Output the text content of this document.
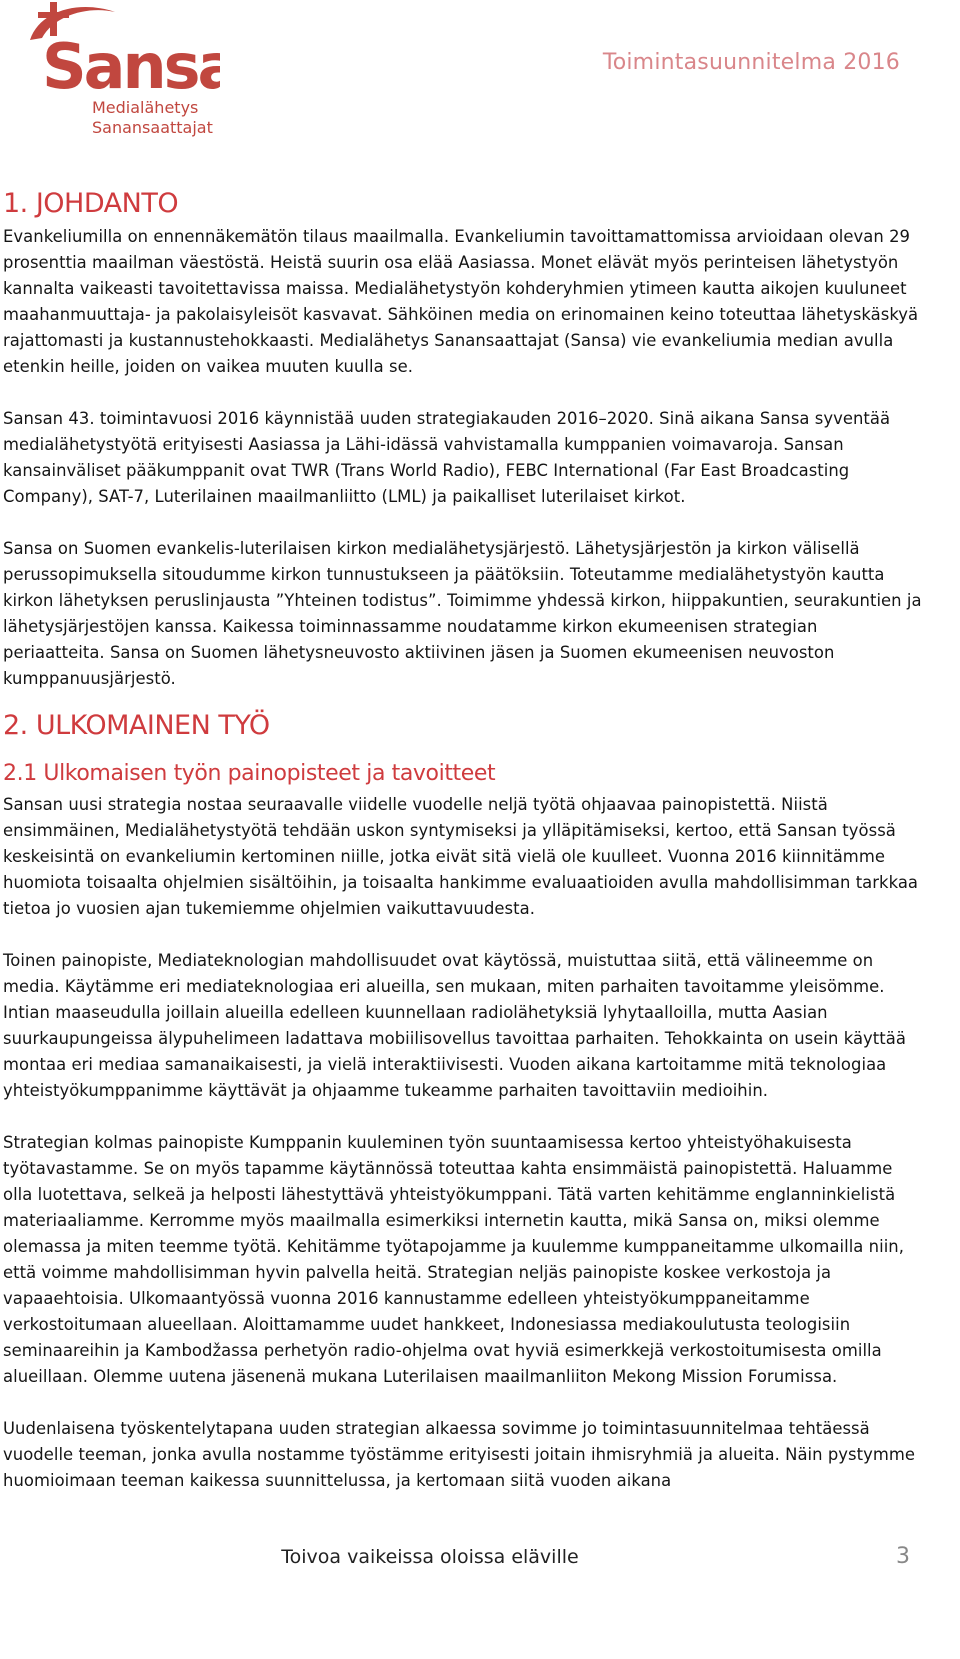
Sansa
Medialähetys
Sanansaattajat
Toimintasuunnitelma 2016
1. JOHDANTO

Evankeliumilla on ennennäkemätön tilaus maailmalla. Evankeliumin tavoittamattomissa arvioidaan olevan 29 prosenttia maailman väestöstä. Heistä suurin osa elää Aasiassa. Monet elävät myös perinteisen lähetystyön kannalta vaikeasti tavoitettavissa maissa. Medialähetystyön kohderyhmien ytimeen kautta aikojen kuuluneet maahanmuuttaja- ja pakolaisyleisöt kasvavat. Sähköinen media on erinomainen keino toteuttaa lähetyskäskyä rajattomasti ja kustannustehokkaasti. Medialähetys Sanansaattajat (Sansa) vie evankeliumia median avulla etenkin heille, joiden on vaikea muuten kuulla se.

Sansan 43. toimintavuosi 2016 käynnistää uuden strategiakauden 2016–2020. Sinä aikana Sansa syventää medialähetystyötä erityisesti Aasiassa ja Lähi-idässä vahvistamalla kumppanien voimavaroja. Sansan kansainväliset pääkumppanit ovat TWR (Trans World Radio), FEBC International (Far East Broadcasting Company), SAT-7, Luterilainen maailmanliitto (LML) ja paikalliset luterilaiset kirkot.

Sansa on Suomen evankelis-luterilaisen kirkon medialähetysjärjestö. Lähetysjärjestön ja kirkon välisellä perussopimuksella sitoudumme kirkon tunnustukseen ja päätöksiin. Toteutamme medialähetystyön kautta kirkon lähetyksen peruslinjausta ”Yhteinen todistus”. Toimimme yhdessä kirkon, hiippakuntien, seurakuntien ja lähetysjärjestöjen kanssa. Kaikessa toiminnassamme noudatamme kirkon ekumeenisen strategian periaatteita. Sansa on Suomen lähetysneuvosto aktiivinen jäsen ja Suomen ekumeenisen neuvoston kumppanuusjärjestö.

2. ULKOMAINEN TYÖ
2.1 Ulkomaisen työn painopisteet ja tavoitteet

Sansan uusi strategia nostaa seuraavalle viidelle vuodelle neljä työtä ohjaavaa painopistettä. Niistä ensimmäinen, Medialähetystyötä tehdään uskon syntymiseksi ja ylläpitämiseksi, kertoo, että Sansan työssä keskeisintä on evankeliumin kertominen niille, jotka eivät sitä vielä ole kuulleet. Vuonna 2016 kiinnitämme huomiota toisaalta ohjelmien sisältöihin, ja toisaalta hankimme evaluaatioiden avulla mahdollisimman tarkkaa tietoa jo vuosien ajan tukemiemme ohjelmien vaikuttavuudesta.

Toinen painopiste, Mediateknologian mahdollisuudet ovat käytössä, muistuttaa siitä, että välineemme on media. Käytämme eri mediateknologiaa eri alueilla, sen mukaan, miten parhaiten tavoitamme yleisömme. Intian maaseudulla joillain alueilla edelleen kuunnellaan radiolähetyksiä lyhytaalloilla, mutta Aasian suurkaupungeissa älypuhelimeen ladattava mobiilisovellus tavoittaa parhaiten. Tehokkainta on usein käyttää montaa eri mediaa samanaikaisesti, ja vielä interaktiivisesti. Vuoden aikana kartoitamme mitä teknologiaa yhteistyökumppanimme käyttävät ja ohjaamme tukeamme parhaiten tavoittaviin medioihin.

Strategian kolmas painopiste Kumppanin kuuleminen työn suuntaamisessa kertoo yhteistyöhakuisesta työtavastamme. Se on myös tapamme käytännössä toteuttaa kahta ensimmäistä painopistettä. Haluamme olla luotettava, selkeä ja helposti lähestyttävä yhteistyökumppani. Tätä varten kehitämme englanninkielistä materiaaliamme. Kerromme myös maailmalla esimerkiksi internetin kautta, mikä Sansa on, miksi olemme olemassa ja miten teemme työtä. Kehitämme työtapojamme ja kuulemme kumppaneitamme ulkomailla niin, että voimme mahdollisimman hyvin palvella heitä. Strategian neljäs painopiste koskee verkostoja ja vapaaehtoisia. Ulkomaantyössä vuonna 2016 kannustamme edelleen yhteistyökumppaneitamme verkostoitumaan alueellaan. Aloittamamme uudet hankkeet, Indonesiassa mediakoulutusta teologisiin seminaareihin ja Kambodžassa perhetyön radio-ohjelma ovat hyviä esimerkkejä verkostoitumisesta omilla alueillaan. Olemme uutena jäsenenä mukana Luterilaisen maailmanliiton Mekong Mission Forumissa.

Uudenlaisena työskentelytapana uuden strategian alkaessa sovimme jo toimintasuunnitelmaa tehtäessä vuodelle teeman, jonka avulla nostamme työstämme erityisesti joitain ihmisryhmiä ja alueita. Näin pystymme huomioimaan teeman kaikessa suunnittelussa, ja kertomaan siitä vuoden aikana

Toivoa vaikeissa oloissa eläville	3
